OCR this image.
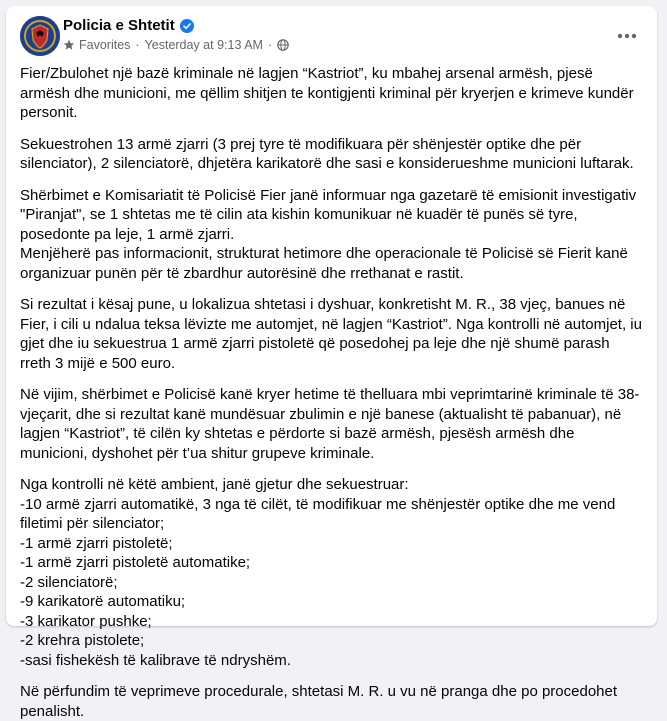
Policia e Shtetit
Favorites · Yesterday at 9:13 AM ·

Fier/Zbulohet një bazë kriminale në lagjen “Kastriot”, ku mbahej arsenal armësh, pjesë armësh dhe municioni, me qëllim shitjen te kontigjenti kriminal për kryerjen e krimeve kundër personit.

Sekuestrohen 13 armë zjarri (3 prej tyre të modifikuara për shënjestër optike dhe për silenciator), 2 silenciatorë, dhjetëra karikatorë dhe sasi e konsiderueshme municioni luftarak.

Shërbimet e Komisariatit të Policisë Fier janë informuar nga gazetarë të emisionit investigativ "Piranjat", se 1 shtetas me të cilin ata kishin komunikuar në kuadër të punës së tyre, posedonte pa leje, 1 armë zjarri.
Menjëherë pas informacionit, strukturat hetimore dhe operacionale të Policisë së Fierit kanë organizuar punën për të zbardhur autorësinë dhe rrethanat e rastit.

Si rezultat i kësaj pune, u lokalizua shtetasi i dyshuar, konkretisht M. R., 38 vjeç, banues në Fier, i cili u ndalua teksa lëvizte me automjet, në lagjen “Kastriot”. Nga kontrolli në automjet, iu gjet dhe iu sekuestrua 1 armë zjarri pistoletë që posedohej pa leje dhe një shumë parash rreth 3 mijë e 500 euro.

Në vijim, shërbimet e Policisë kanë kryer hetime të thelluara mbi veprimtarinë kriminale të 38-vjeçarit, dhe si rezultat kanë mundësuar zbulimin e një banese (aktualisht të pabanuar), në lagjen “Kastriot”, të cilën ky shtetas e përdorte si bazë armësh, pjesësh armësh dhe municioni, dyshohet për t’ua shitur grupeve kriminale.

Nga kontrolli në këtë ambient, janë gjetur dhe sekuestruar:
-10 armë zjarri automatikë, 3 nga të cilët, të modifikuar me shënjestër optike dhe me vend filetimi për silenciator;
-1 armë zjarri pistoletë;
-1 armë zjarri pistoletë automatike;
-2 silenciatorë;
-9 karikatorë automatiku;
-3 karikator pushke;
-2 krehra pistolete;
-sasi fishekësh të kalibrave të ndryshëm.

Në përfundim të veprimeve procedurale, shtetasi M. R. u vu në pranga dhe po procedohet penalisht.
